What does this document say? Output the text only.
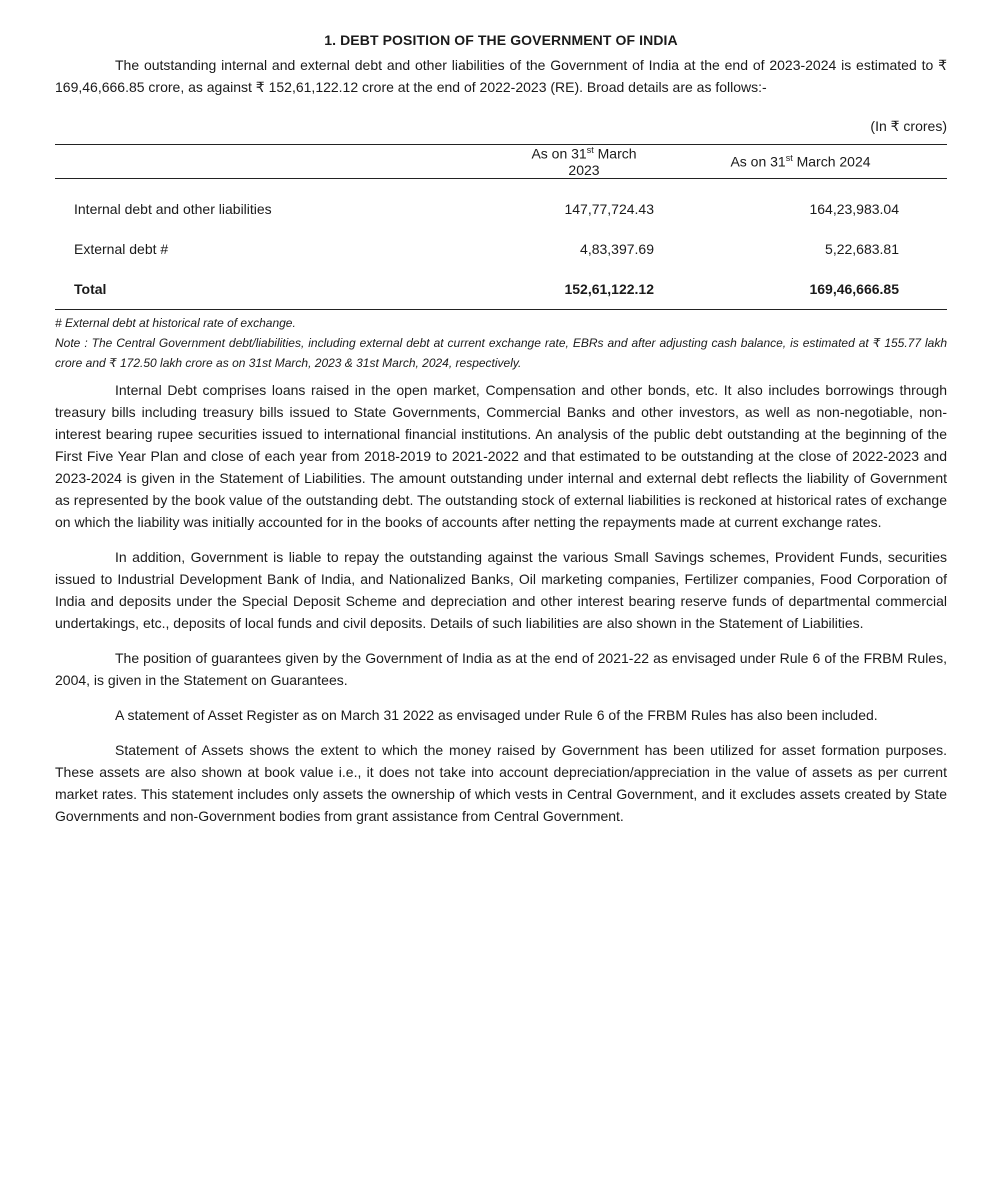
1. DEBT POSITION OF THE GOVERNMENT OF INDIA

The outstanding internal and external debt and other liabilities of the Government of India at the end of 2023-2024 is estimated to ₹ 169,46,666.85 crore, as against ₹ 152,61,122.12 crore at the end of 2022-2023 (RE). Broad details are as follows:-

(In ₹ crores)

	As on 31st March 2023	As on 31st March 2024
Internal debt and other liabilities	147,77,724.43	164,23,983.04
External debt #	4,83,397.69	5,22,683.81
Total	152,61,122.12	169,46,666.85

# External debt at historical rate of exchange.

Note : The Central Government debt/liabilities, including external debt at current exchange rate, EBRs and after adjusting cash balance, is estimated at ₹ 155.77 lakh crore and ₹ 172.50 lakh crore as on 31st March, 2023 & 31st March, 2024, respectively.

Internal Debt comprises loans raised in the open market, Compensation and other bonds, etc. It also includes borrowings through treasury bills including treasury bills issued to State Governments, Commercial Banks and other investors, as well as non-negotiable, non-interest bearing rupee securities issued to international financial institutions. An analysis of the public debt outstanding at the beginning of the First Five Year Plan and close of each year from 2018-2019 to 2021-2022 and that estimated to be outstanding at the close of 2022-2023 and 2023-2024 is given in the Statement of Liabilities. The amount outstanding under internal and external debt reflects the liability of Government as represented by the book value of the outstanding debt. The outstanding stock of external liabilities is reckoned at historical rates of exchange on which the liability was initially accounted for in the books of accounts after netting the repayments made at current exchange rates.

In addition, Government is liable to repay the outstanding against the various Small Savings schemes, Provident Funds, securities issued to Industrial Development Bank of India, and Nationalized Banks, Oil marketing companies, Fertilizer companies, Food Corporation of India and deposits under the Special Deposit Scheme and depreciation and other interest bearing reserve funds of departmental commercial undertakings, etc., deposits of local funds and civil deposits. Details of such liabilities are also shown in the Statement of Liabilities.

The position of guarantees given by the Government of India as at the end of 2021-22 as envisaged under Rule 6 of the FRBM Rules, 2004, is given in the Statement on Guarantees.

A statement of Asset Register as on March 31 2022 as envisaged under Rule 6 of the FRBM Rules has also been included.

Statement of Assets shows the extent to which the money raised by Government has been utilized for asset formation purposes. These assets are also shown at book value i.e., it does not take into account depreciation/appreciation in the value of assets as per current market rates. This statement includes only assets the ownership of which vests in Central Government, and it excludes assets created by State Governments and non-Government bodies from grant assistance from Central Government.
